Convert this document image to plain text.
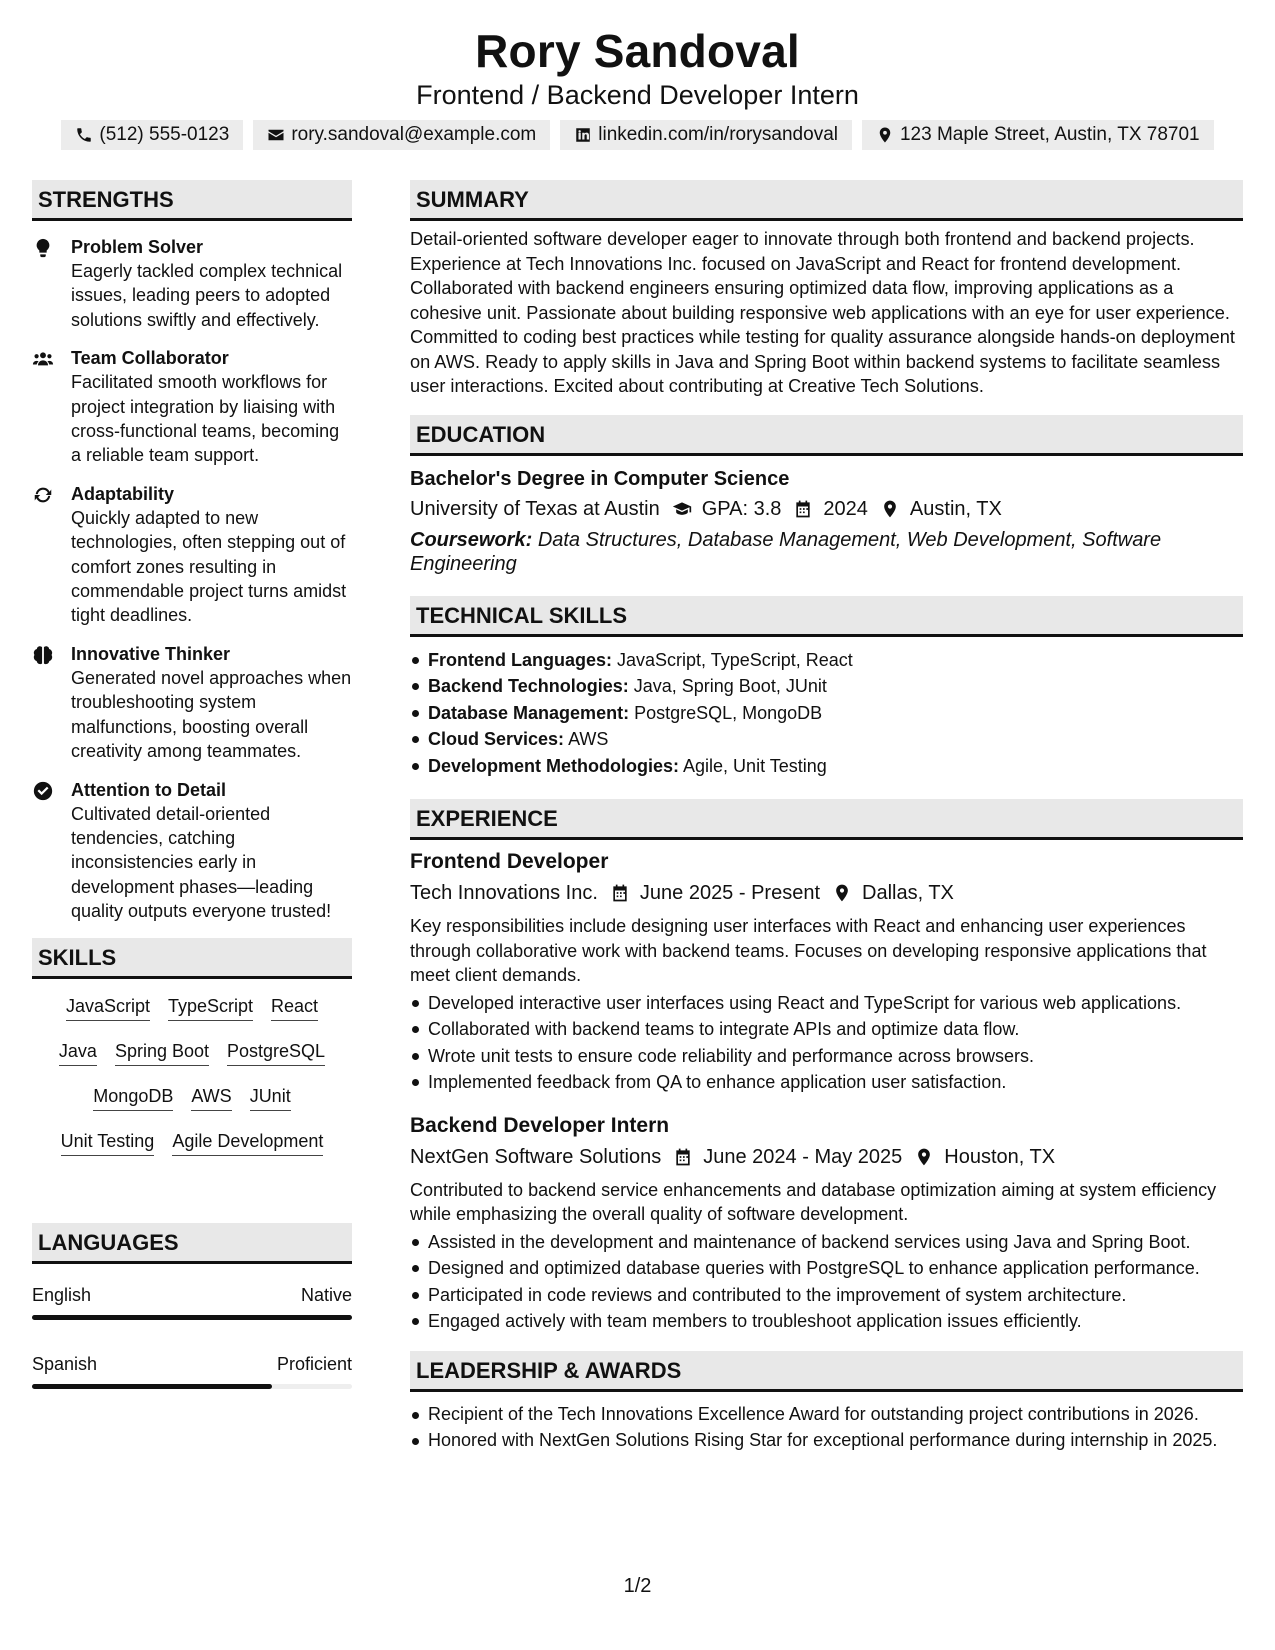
Rory Sandoval
Frontend / Backend Developer Intern
(512) 555-0123	rory.sandoval@example.com	linkedin.com/in/rorysandoval	123 Maple Street, Austin, TX 78701
STRENGTHS
Problem Solver
Eagerly tackled complex technical issues, leading peers to adopted solutions swiftly and effectively.
Team Collaborator
Facilitated smooth workflows for project integration by liaising with cross-functional teams, becoming a reliable team support.
Adaptability
Quickly adapted to new technologies, often stepping out of comfort zones resulting in commendable project turns amidst tight deadlines.
Innovative Thinker
Generated novel approaches when troubleshooting system malfunctions, boosting overall creativity among teammates.
Attention to Detail
Cultivated detail-oriented tendencies, catching inconsistencies early in development phases—leading quality outputs everyone trusted!
SKILLS
JavaScript TypeScript React
Java Spring Boot PostgreSQL
MongoDB AWS JUnit
Unit Testing Agile Development
LANGUAGES
English	Native
Spanish	Proficient
SUMMARY
Detail-oriented software developer eager to innovate through both frontend and backend projects. Experience at Tech Innovations Inc. focused on JavaScript and React for frontend development. Collaborated with backend engineers ensuring optimized data flow, improving applications as a cohesive unit. Passionate about building responsive web applications with an eye for user experience. Committed to coding best practices while testing for quality assurance alongside hands-on deployment on AWS. Ready to apply skills in Java and Spring Boot within backend systems to facilitate seamless user interactions. Excited about contributing at Creative Tech Solutions.
EDUCATION
Bachelor's Degree in Computer Science
University of Texas at Austin GPA: 3.8 2024 Austin, TX
Coursework: Data Structures, Database Management, Web Development, Software Engineering
TECHNICAL SKILLS
Frontend Languages: JavaScript, TypeScript, React
Backend Technologies: Java, Spring Boot, JUnit
Database Management: PostgreSQL, MongoDB
Cloud Services: AWS
Development Methodologies: Agile, Unit Testing
EXPERIENCE
Frontend Developer
Tech Innovations Inc. June 2025 - Present Dallas, TX
Key responsibilities include designing user interfaces with React and enhancing user experiences through collaborative work with backend teams. Focuses on developing responsive applications that meet client demands.
Developed interactive user interfaces using React and TypeScript for various web applications.
Collaborated with backend teams to integrate APIs and optimize data flow.
Wrote unit tests to ensure code reliability and performance across browsers.
Implemented feedback from QA to enhance application user satisfaction.
Backend Developer Intern
NextGen Software Solutions June 2024 - May 2025 Houston, TX
Contributed to backend service enhancements and database optimization aiming at system efficiency while emphasizing the overall quality of software development.
Assisted in the development and maintenance of backend services using Java and Spring Boot.
Designed and optimized database queries with PostgreSQL to enhance application performance.
Participated in code reviews and contributed to the improvement of system architecture.
Engaged actively with team members to troubleshoot application issues efficiently.
LEADERSHIP & AWARDS
Recipient of the Tech Innovations Excellence Award for outstanding project contributions in 2026.
Honored with NextGen Solutions Rising Star for exceptional performance during internship in 2025.
1/2
